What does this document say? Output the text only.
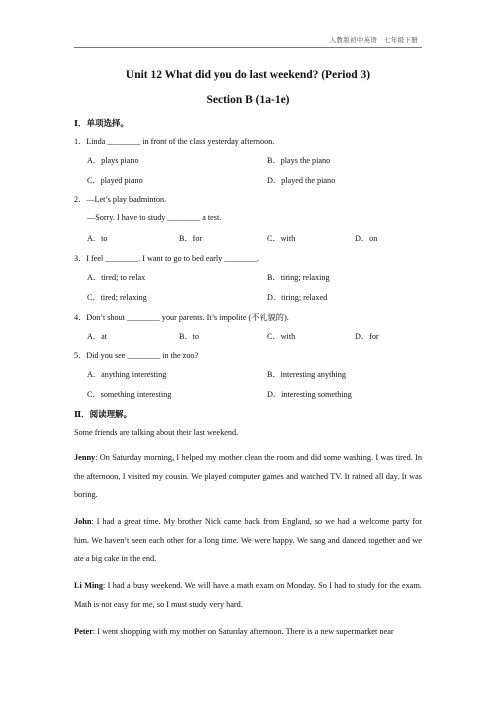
人教版初中英语　七年级下册
Unit 12 What did you do last weekend? (Period 3)
Section B (1a-1e)
Ⅰ．单项选择。
1．Linda ________ in front of the class yesterday afternoon.
A．plays piano	B．plays the piano
C．played piano	D．played the piano
2．—Let’s play badminton.
—Sorry. I have to study ________ a test.
A．to	B．for	C．with	D．on
3．I feel ________. I want to go to bed early ________.
A．tired; to relax	B．tiring; relaxing
C．tired; relaxing	D．tiring; relaxed
4．Don’t shout ________ your parents. It’s impolite (不礼貌的).
A．at	B．to	C．with	D．for
5．Did you see ________ in the zoo?
A．anything interesting	B．interesting anything
C．something interesting	D．interesting something
Ⅱ．阅读理解。
Some friends are talking about their last weekend.
Jenny: On Saturday morning, I helped my mother clean the room and did some washing. I was tired. In the afternoon, I visited my cousin. We played computer games and watched TV. It rained all day. It was boring.
John: I had a great time. My brother Nick came back from England, so we had a welcome party for him. We haven’t seen each other for a long time. We were happy. We sang and danced together and we ate a big cake in the end.
Li Ming: I had a busy weekend. We will have a math exam on Monday. So I had to study for the exam. Math is not easy for me, so I must study very hard.
Peter: I went shopping with my mother on Saturday afternoon. There is a new supermarket near
